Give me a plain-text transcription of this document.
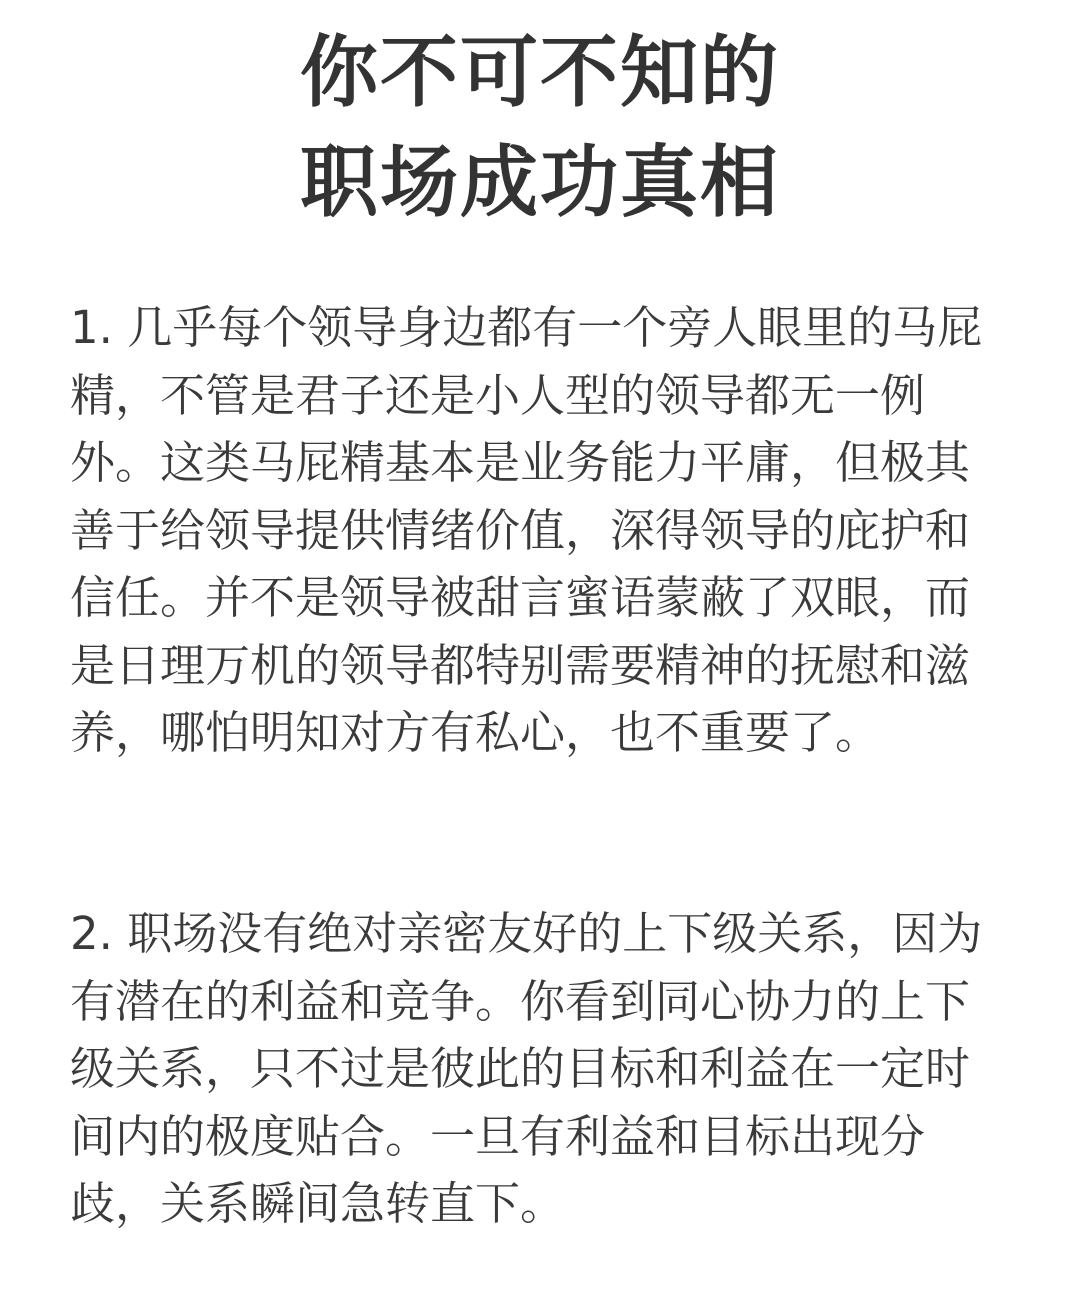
你不可不知的
职场成功真相

1. 几乎每个领导身边都有一个旁人眼里的马屁精，不管是君子还是小人型的领导都无一例外。这类马屁精基本是业务能力平庸，但极其善于给领导提供情绪价值，深得领导的庇护和信任。并不是领导被甜言蜜语蒙蔽了双眼，而是日理万机的领导都特别需要精神的抚慰和滋养，哪怕明知对方有私心，也不重要了。

2. 职场没有绝对亲密友好的上下级关系，因为有潜在的利益和竞争。你看到同心协力的上下级关系，只不过是彼此的目标和利益在一定时间内的极度贴合。一旦有利益和目标出现分歧，关系瞬间急转直下。
